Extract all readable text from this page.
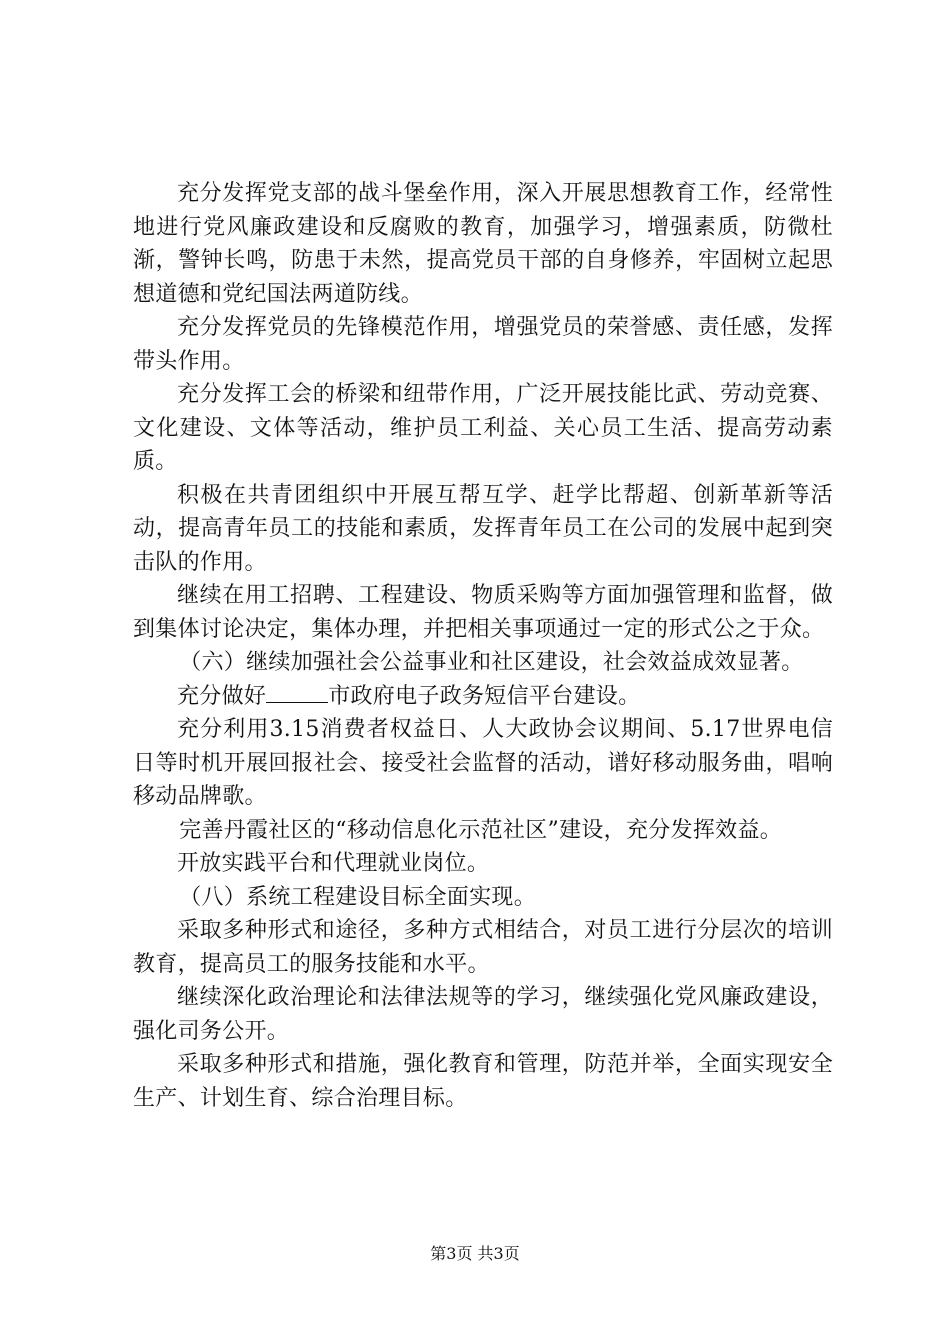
充分发挥党支部的战斗堡垒作用，深入开展思想教育工作，经常性地进行党风廉政建设和反腐败的教育，加强学习，增强素质，防微杜渐，警钟长鸣，防患于未然，提高党员干部的自身修养，牢固树立起思想道德和党纪国法两道防线。

充分发挥党员的先锋模范作用，增强党员的荣誉感、责任感，发挥带头作用。

充分发挥工会的桥梁和纽带作用，广泛开展技能比武、劳动竞赛、文化建设、文体等活动，维护员工利益、关心员工生活、提高劳动素质。

积极在共青团组织中开展互帮互学、赶学比帮超、创新革新等活动，提高青年员工的技能和素质，发挥青年员工在公司的发展中起到突击队的作用。

继续在用工招聘、工程建设、物质采购等方面加强管理和监督，做到集体讨论决定，集体办理，并把相关事项通过一定的形式公之于众。

（六）继续加强社会公益事业和社区建设，社会效益成效显著。

充分做好	市政府电子政务短信平台建设。

充分利用3.15消费者权益日、人大政协会议期间、5.17世界电信日等时机开展回报社会、接受社会监督的活动，谱好移动服务曲，唱响移动品牌歌。

完善丹霞社区的“移动信息化示范社区”建设，充分发挥效益。

开放实践平台和代理就业岗位。

（八）系统工程建设目标全面实现。

采取多种形式和途径，多种方式相结合，对员工进行分层次的培训教育，提高员工的服务技能和水平。

继续深化政治理论和法律法规等的学习，继续强化党风廉政建设，强化司务公开。

采取多种形式和措施，强化教育和管理，防范并举，全面实现安全生产、计划生育、综合治理目标。

第3页 共3页
